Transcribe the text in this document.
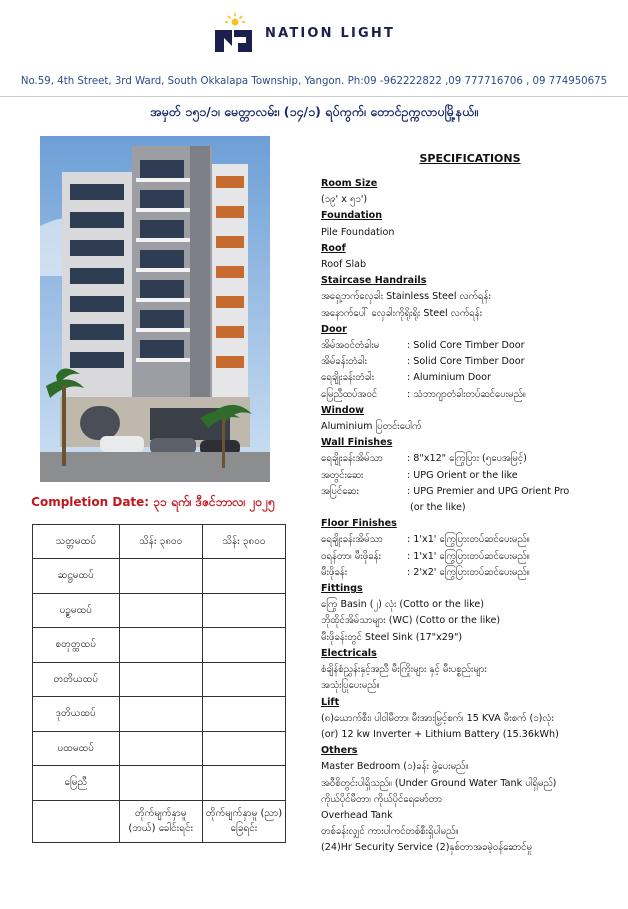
NATION LIGHT
No.59, 4th Street, 3rd Ward, South Okkalapa Township, Yangon. Ph:09 -962222822 ,09 777716706 , 09 774950675
အမှတ် ၁၅၁/၁၊ မေတ္တာလမ်း၊ (၁၄/၁) ရပ်ကွက်၊ တောင်ဥက္ကလာပမြို့နယ်။
Completion Date: ၃၁ ရက်၊ ဒီဇင်ဘာလ၊ ၂၀၂၅
သတ္တမထပ်	သိန်း ၃၈၀၀	သိန်း ၃၈၀၀
ဆဋ္ဌမထပ်		
ပဉ္စမထပ်		
စတုတ္ထထပ်		
တတိယထပ်		
ဒုတိယထပ်		
ပထမထပ်		
မြေညီ		
	တိုက်မျက်နှာမူ (ဘယ်) ခေါင်းရင်း	တိုက်မျက်နှာမူ (ညာ) ခြေရင်း
SPECIFICATIONS
Room Size
(၁၉' x ၅၁')
Foundation
Pile Foundation
Roof
Roof Slab
Staircase Handrails
အရှေ့ဘက်လှေခါး Stainless Steel လက်ရန်း
အနောက်ပေါ် လှေခါးကိုရိုးရိုး Steel လက်ရန်း
Door
အိမ်အဝင်တံခါးမ	: Solid Core Timber Door
အိမ်ခန်းတံခါး	: Solid Core Timber Door
ရေချိုးခန်းတံခါး	: Aluminium Door
မြေညီထပ်အဝင်	: သံဘာဂျာတံခါးတပ်ဆင်ပေးမည်။
Window
Aluminium ပြတင်းပေါက်
Wall Finishes
ရေချိုးခန်းအိမ်သာ	: 8"x12" ကြွေပြား (၅ပေအမြင့်)
အတွင်းဆေး	: UPG Orient or the like
အပြင်ဆေး	: UPG Premier and UPG Orient Pro
(or the like)
Floor Finishes
ရေချိုးခန်းအိမ်သာ	: 1'x1' ကြွေပြားတပ်ဆင်ပေးမည်။
ဝရန်တာ၊ မီးဖိုခန်း	: 1'x1' ကြွေပြားတပ်ဆင်ပေးမည်။
မီးဖိုခန်း	: 2'x2' ကြွေပြားတပ်ဆင်ပေးမည်။
Fittings
ကြွေ Basin (၂) လုံး (Cotto or the like)
ဘိုထိုင်အိမ်သာများ (WC) (Cotto or the like)
မီးဖိုခန်းတွင် Steel Sink (17"x29")
Electricals
စံချိန်စံညွှန်းနှင့်အညီ မီးကြိုးများ နှင့် မီးပစ္စည်းများ
အသုံးပြုပေးမည်။
Lift
(၈)ယောက်စီး၊ ပါဝါမီတာ၊ မီးအားမြှင့်စက်၊ 15 KVA မီးစက် (၁)လုံး
(or) 12 kw Inverter + Lithium Battery (15.36kWh)
Others
Master Bedroom (၁)ခန်း ဖွဲ့ပေးမည်။
အဝီစိတွင်းပါရှိသည်။ (Under Ground Water Tank ပါရှိမည်)
ကိုယ်ပိုင်မီတာ၊ ကိုယ်ပိုင်ရေမော်တာ
Overhead Tank
တစ်ခန်းလျှင် ကားပါကင်တစ်စီးရှိပါမည်။
(24)Hr Security Service (2)နှစ်တာအခမဲ့ဝန်ဆောင်မှု
